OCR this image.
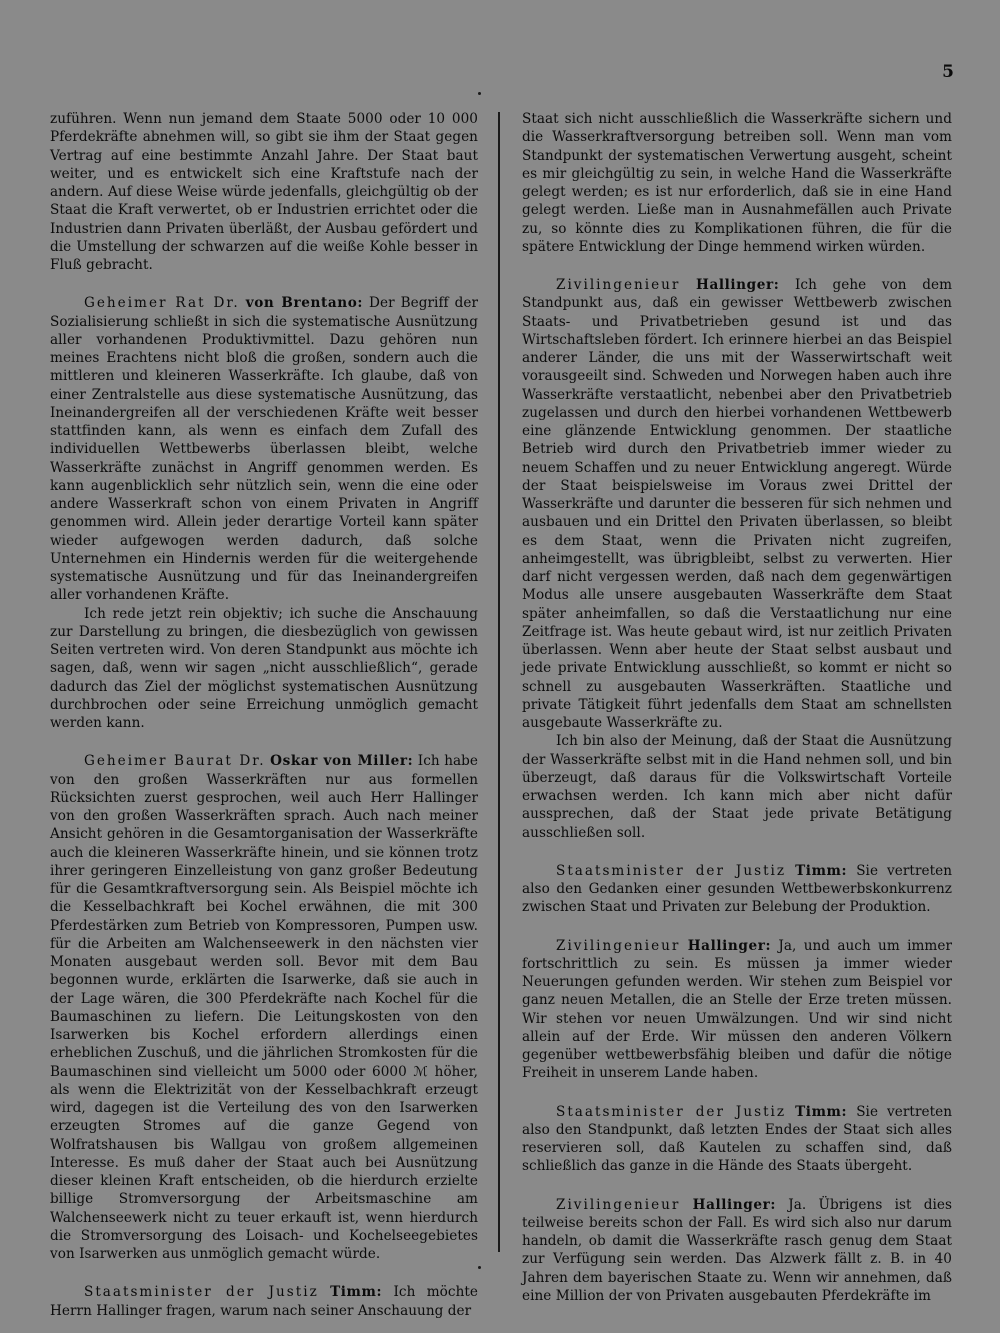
5

zuführen. Wenn nun jemand dem Staate 5000 oder 10 000 Pferdekräfte abnehmen will, so gibt sie ihm der Staat gegen Vertrag auf eine bestimmte Anzahl Jahre. Der Staat baut weiter, und es entwickelt sich eine Kraftstufe nach der andern. Auf diese Weise würde jedenfalls, gleichgültig ob der Staat die Kraft verwertet, ob er Industrien errichtet oder die Industrien dann Privaten überläßt, der Ausbau gefördert und die Umstellung der schwarzen auf die weiße Kohle besser in Fluß gebracht.

Geheimer Rat Dr. von Brentano: Der Begriff der Sozialisierung schließt in sich die systematische Ausnützung aller vorhandenen Produktivmittel. Dazu gehören nun meines Erachtens nicht bloß die großen, sondern auch die mittleren und kleineren Wasserkräfte. Ich glaube, daß von einer Zentralstelle aus diese systematische Ausnützung, das Ineinandergreifen all der verschiedenen Kräfte weit besser stattfinden kann, als wenn es einfach dem Zufall des individuellen Wettbewerbs überlassen bleibt, welche Wasserkräfte zunächst in Angriff genommen werden. Es kann augenblicklich sehr nützlich sein, wenn die eine oder andere Wasserkraft schon von einem Privaten in Angriff genommen wird. Allein jeder derartige Vorteil kann später wieder aufgewogen werden dadurch, daß solche Unternehmen ein Hindernis werden für die weitergehende systematische Ausnützung und für das Ineinandergreifen aller vorhandenen Kräfte.

Ich rede jetzt rein objektiv; ich suche die Anschauung zur Darstellung zu bringen, die diesbezüglich von gewissen Seiten vertreten wird. Von deren Standpunkt aus möchte ich sagen, daß, wenn wir sagen „nicht ausschließlich“, gerade dadurch das Ziel der möglichst systematischen Ausnützung durchbrochen oder seine Erreichung unmöglich gemacht werden kann.

Geheimer Baurat Dr. Oskar von Miller: Ich habe von den großen Wasserkräften nur aus formellen Rücksichten zuerst gesprochen, weil auch Herr Hallinger von den großen Wasserkräften sprach. Auch nach meiner Ansicht gehören in die Gesamtorganisation der Wasserkräfte auch die kleineren Wasserkräfte hinein, und sie können trotz ihrer geringeren Einzelleistung von ganz großer Bedeutung für die Gesamtkraftversorgung sein. Als Beispiel möchte ich die Kesselbachkraft bei Kochel erwähnen, die mit 300 Pferdestärken zum Betrieb von Kompressoren, Pumpen usw. für die Arbeiten am Walchenseewerk in den nächsten vier Monaten ausgebaut werden soll. Bevor mit dem Bau begonnen wurde, erklärten die Isarwerke, daß sie auch in der Lage wären, die 300 Pferdekräfte nach Kochel für die Baumaschinen zu liefern. Die Leitungskosten von den Isarwerken bis Kochel erfordern allerdings einen erheblichen Zuschuß, und die jährlichen Stromkosten für die Baumaschinen sind vielleicht um 5000 oder 6000 ℳ höher, als wenn die Elektrizität von der Kesselbachkraft erzeugt wird, dagegen ist die Verteilung des von den Isarwerken erzeugten Stromes auf die ganze Gegend von Wolfratshausen bis Wallgau von großem allgemeinen Interesse. Es muß daher der Staat auch bei Ausnützung dieser kleinen Kraft entscheiden, ob die hierdurch erzielte billige Stromversorgung der Arbeitsmaschine am Walchenseewerk nicht zu teuer erkauft ist, wenn hierdurch die Stromversorgung des Loisach- und Kochelseegebietes von Isarwerken aus unmöglich gemacht würde.

Staatsminister der Justiz Timm: Ich möchte Herrn Hallinger fragen, warum nach seiner Anschauung der

Staat sich nicht ausschließlich die Wasserkräfte sichern und die Wasserkraftversorgung betreiben soll. Wenn man vom Standpunkt der systematischen Verwertung ausgeht, scheint es mir gleichgültig zu sein, in welche Hand die Wasserkräfte gelegt werden; es ist nur erforderlich, daß sie in eine Hand gelegt werden. Ließe man in Ausnahmefällen auch Private zu, so könnte dies zu Komplikationen führen, die für die spätere Entwicklung der Dinge hemmend wirken würden.

Zivilingenieur Hallinger: Ich gehe von dem Standpunkt aus, daß ein gewisser Wettbewerb zwischen Staats- und Privatbetrieben gesund ist und das Wirtschaftsleben fördert. Ich erinnere hierbei an das Beispiel anderer Länder, die uns mit der Wasserwirtschaft weit vorausgeeilt sind. Schweden und Norwegen haben auch ihre Wasserkräfte verstaatlicht, nebenbei aber den Privatbetrieb zugelassen und durch den hierbei vorhandenen Wettbewerb eine glänzende Entwicklung genommen. Der staatliche Betrieb wird durch den Privatbetrieb immer wieder zu neuem Schaffen und zu neuer Entwicklung angeregt. Würde der Staat beispielsweise im Voraus zwei Drittel der Wasserkräfte und darunter die besseren für sich nehmen und ausbauen und ein Drittel den Privaten überlassen, so bleibt es dem Staat, wenn die Privaten nicht zugreifen, anheimgestellt, was übrigbleibt, selbst zu verwerten. Hier darf nicht vergessen werden, daß nach dem gegenwärtigen Modus alle unsere ausgebauten Wasserkräfte dem Staat später anheimfallen, so daß die Verstaatlichung nur eine Zeitfrage ist. Was heute gebaut wird, ist nur zeitlich Privaten überlassen. Wenn aber heute der Staat selbst ausbaut und jede private Entwicklung ausschließt, so kommt er nicht so schnell zu ausgebauten Wasserkräften. Staatliche und private Tätigkeit führt jedenfalls dem Staat am schnellsten ausgebaute Wasserkräfte zu.

Ich bin also der Meinung, daß der Staat die Ausnützung der Wasserkräfte selbst mit in die Hand nehmen soll, und bin überzeugt, daß daraus für die Volkswirtschaft Vorteile erwachsen werden. Ich kann mich aber nicht dafür aussprechen, daß der Staat jede private Betätigung ausschließen soll.

Staatsminister der Justiz Timm: Sie vertreten also den Gedanken einer gesunden Wettbewerbskonkurrenz zwischen Staat und Privaten zur Belebung der Produktion.

Zivilingenieur Hallinger: Ja, und auch um immer fortschrittlich zu sein. Es müssen ja immer wieder Neuerungen gefunden werden. Wir stehen zum Beispiel vor ganz neuen Metallen, die an Stelle der Erze treten müssen. Wir stehen vor neuen Umwälzungen. Und wir sind nicht allein auf der Erde. Wir müssen den anderen Völkern gegenüber wettbewerbsfähig bleiben und dafür die nötige Freiheit in unserem Lande haben.

Staatsminister der Justiz Timm: Sie vertreten also den Standpunkt, daß letzten Endes der Staat sich alles reservieren soll, daß Kautelen zu schaffen sind, daß schließlich das ganze in die Hände des Staats übergeht.

Zivilingenieur Hallinger: Ja. Übrigens ist dies teilweise bereits schon der Fall. Es wird sich also nur darum handeln, ob damit die Wasserkräfte rasch genug dem Staat zur Verfügung sein werden. Das Alzwerk fällt z. B. in 40 Jahren dem bayerischen Staate zu. Wenn wir annehmen, daß eine Million der von Privaten ausgebauten Pferdekräfte im
